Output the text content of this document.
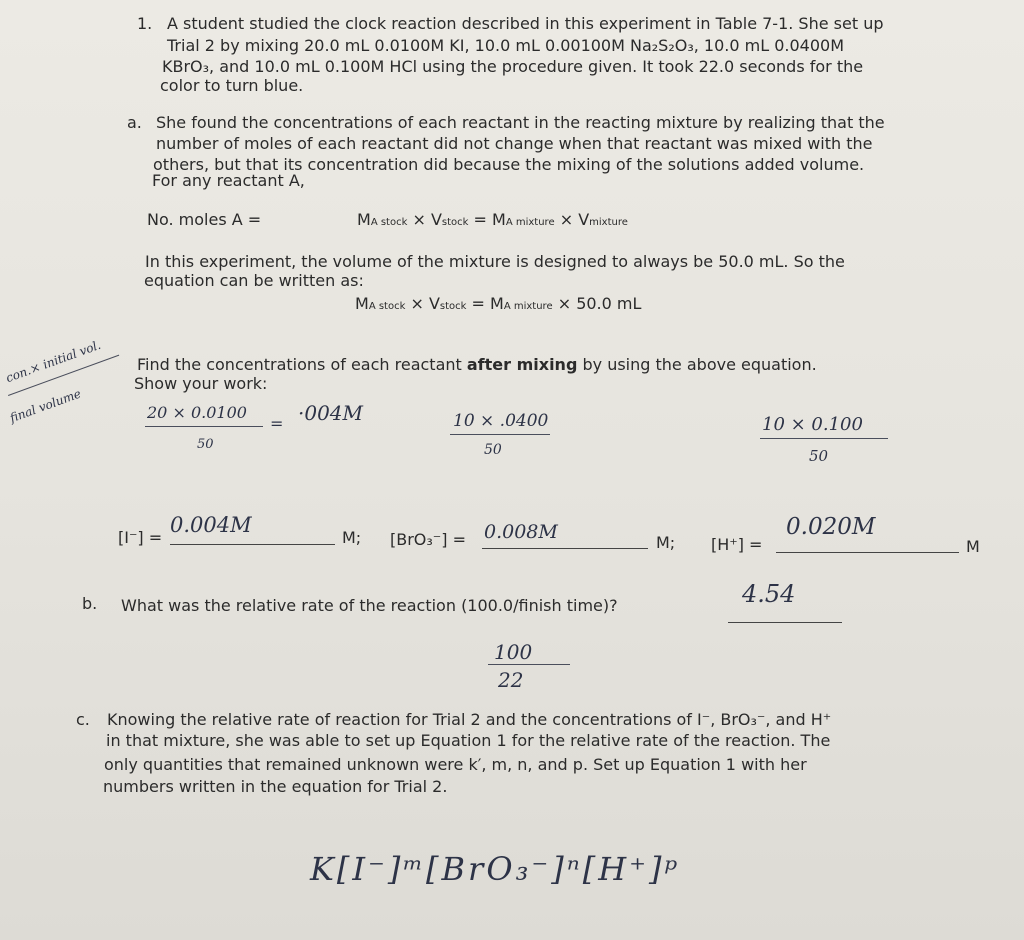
1. A student studied the clock reaction described in this experiment in Table 7-1. She set up
Trial 2 by mixing 20.0 mL 0.0100M KI, 10.0 mL 0.00100M Na₂S₂O₃, 10.0 mL 0.0400M
KBrO₃, and 10.0 mL 0.100M HCl using the procedure given. It took 22.0 seconds for the
color to turn blue.
a. She found the concentrations of each reactant in the reacting mixture by realizing that the
number of moles of each reactant did not change when that reactant was mixed with the
others, but that its concentration did because the mixing of the solutions added volume.
For any reactant A,
No. moles A =	MA stock × Vstock = MA mixture × Vmixture
In this experiment, the volume of the mixture is designed to always be 50.0 mL. So the
equation can be written as:
MA stock × Vstock = MA mixture × 50.0 mL
con.× initial vol.
final volume
Find the concentrations of each reactant after mixing by using the above equation.
Show your work:
20 × 0.0100
= ·004M
50
10 × .0400
50
10 × 0.100
50
[I⁻] =
0.004M
M; [BrO₃⁻] = 0.008M	M; [H⁺] =
0.020M
M
b. What was the relative rate of the reaction (100.0/finish time)?	4.54
100
22
c. Knowing the relative rate of reaction for Trial 2 and the concentrations of I⁻, BrO₃⁻, and H⁺
in that mixture, she was able to set up Equation 1 for the relative rate of the reaction. The
only quantities that remained unknown were k′, m, n, and p. Set up Equation 1 with her
numbers written in the equation for Trial 2.
K[I⁻]ᵐ[BrO₃⁻]ⁿ[H⁺]ᵖ
